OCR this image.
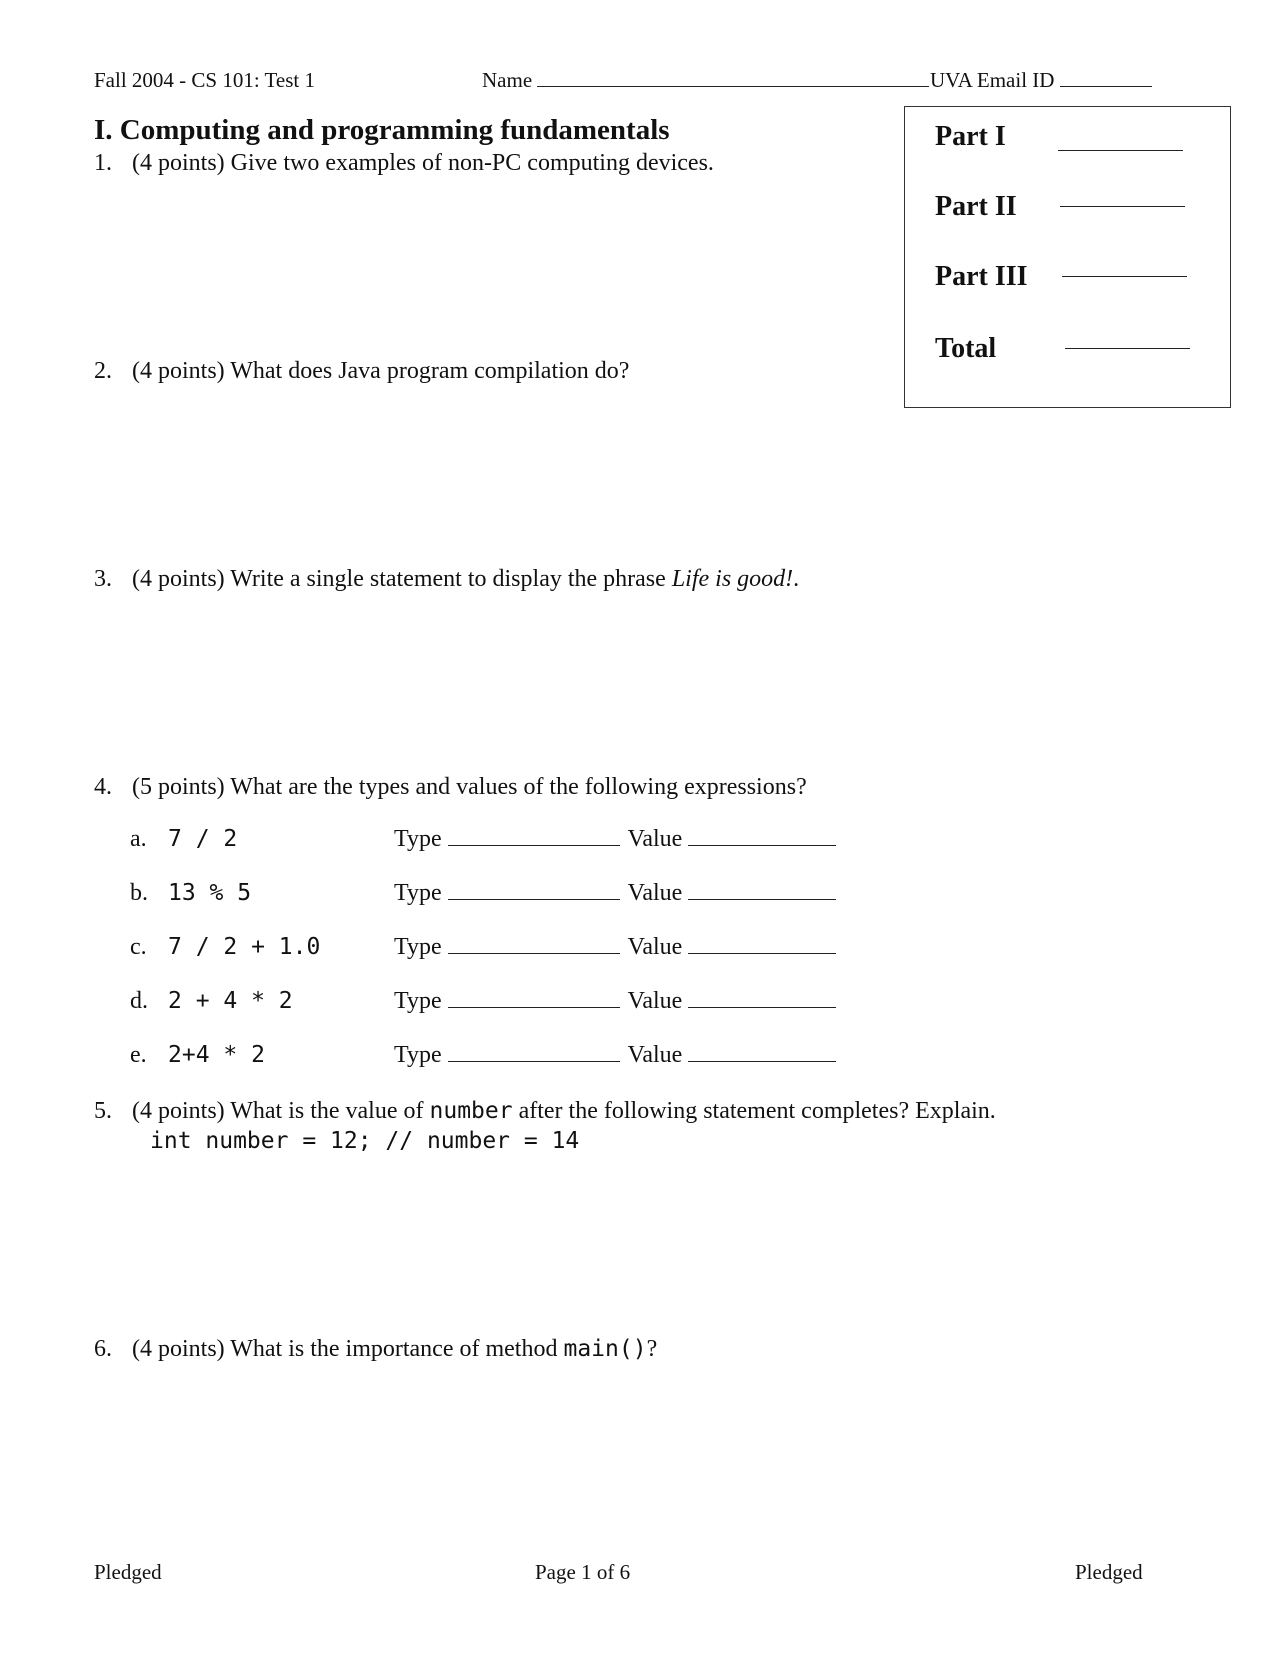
Fall 2004 - CS 101: Test 1	Name	UVA Email ID
I. Computing and programming fundamentals	Part I
Part II
Part III
Total
1. (4 points) Give two examples of non-PC computing devices.
2. (4 points) What does Java program compilation do?
3. (4 points) Write a single statement to display the phrase Life is good!.
4. (5 points) What are the types and values of the following expressions?
a. 7 / 2	Type	Value
b. 13 % 5	Type	Value
c. 7 / 2 + 1.0	Type	Value
d. 2 + 4 * 2	Type	Value
e. 2+4 * 2	Type	Value
5. (4 points) What is the value of number after the following statement completes? Explain.
int number = 12; // number = 14
6. (4 points) What is the importance of method main()?
Pledged	Page 1 of 6	Pledged
